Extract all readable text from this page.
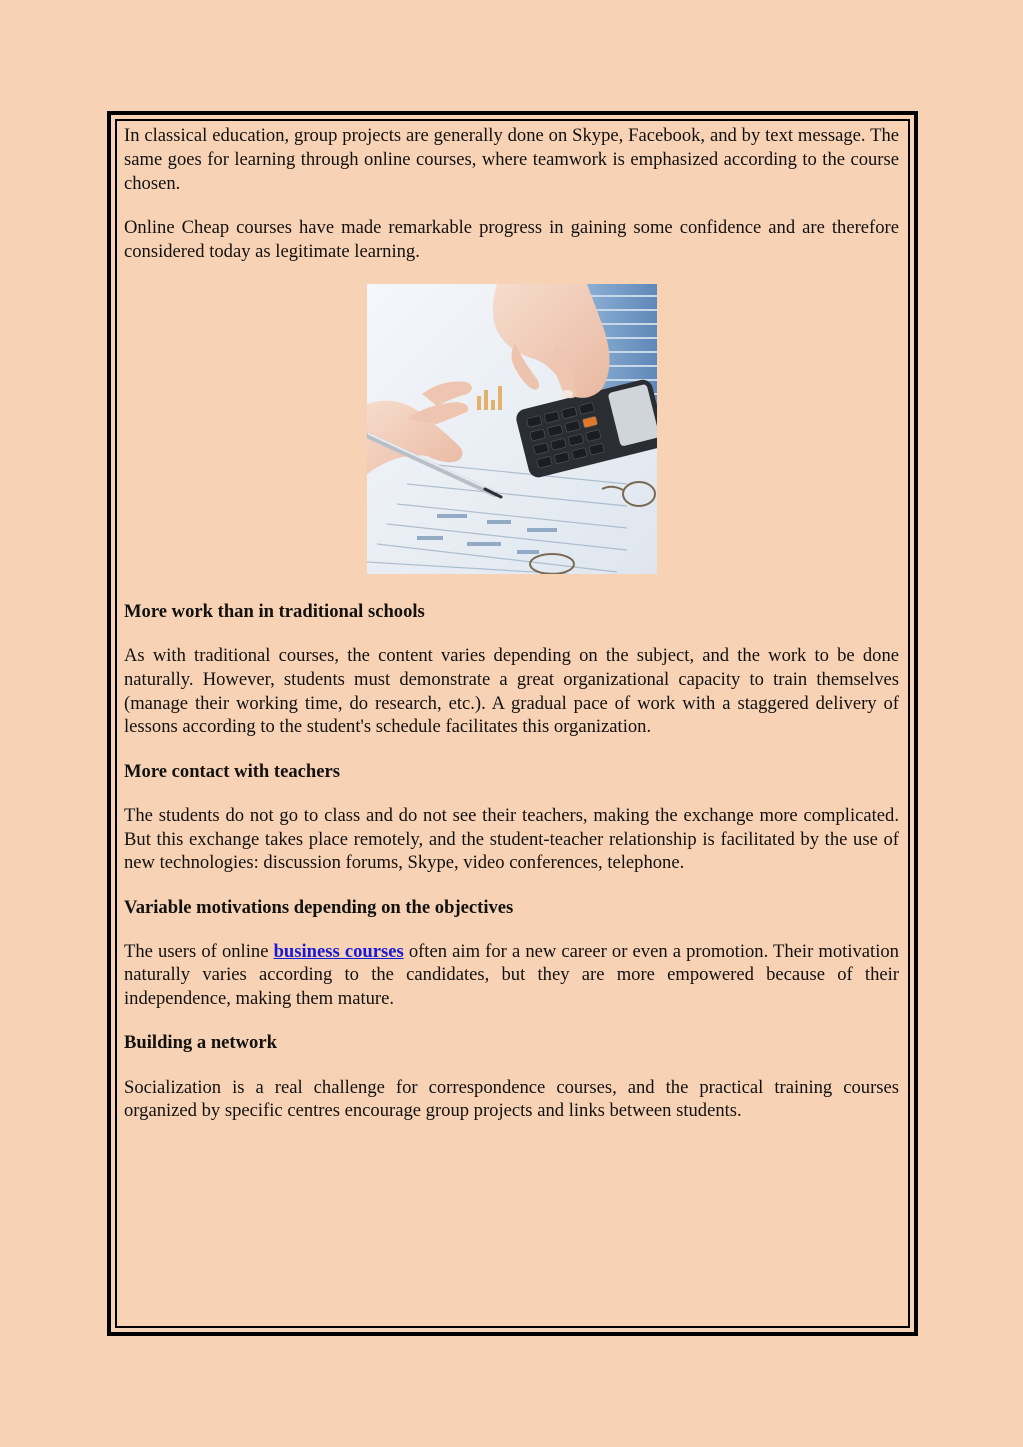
In classical education, group projects are generally done on Skype, Facebook, and by text message. The same goes for learning through online courses, where teamwork is emphasized according to the course chosen.

Online Cheap courses have made remarkable progress in gaining some confidence and are therefore considered today as legitimate learning.

More work than in traditional schools

As with traditional courses, the content varies depending on the subject, and the work to be done naturally. However, students must demonstrate a great organizational capacity to train themselves (manage their working time, do research, etc.). A gradual pace of work with a staggered delivery of lessons according to the student's schedule facilitates this organization.

More contact with teachers

The students do not go to class and do not see their teachers, making the exchange more complicated. But this exchange takes place remotely, and the student-teacher relationship is facilitated by the use of new technologies: discussion forums, Skype, video conferences, telephone.

Variable motivations depending on the objectives

The users of online business courses often aim for a new career or even a promotion. Their motivation naturally varies according to the candidates, but they are more empowered because of their independence, making them mature.

Building a network

Socialization is a real challenge for correspondence courses, and the practical training courses organized by specific centres encourage group projects and links between students.
